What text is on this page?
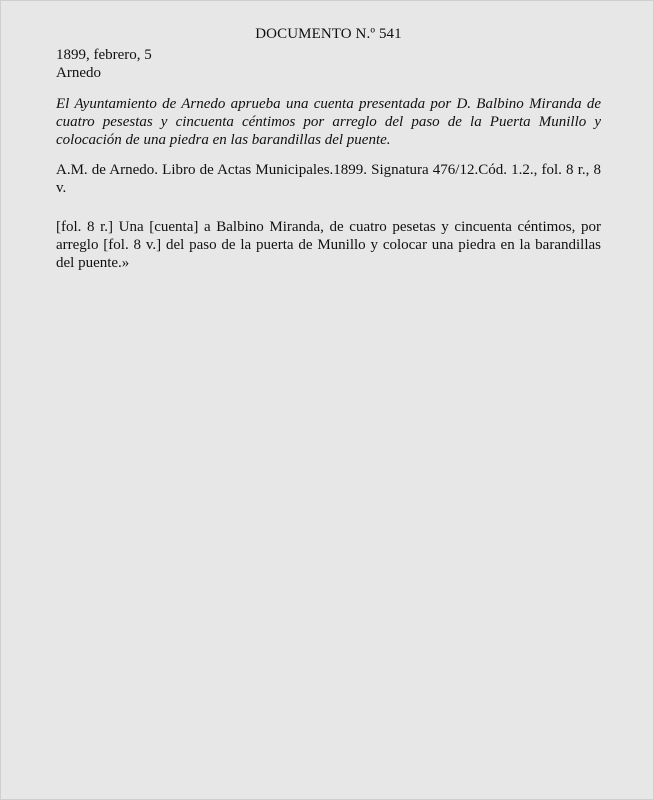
DOCUMENTO N.º 541

1899, febrero, 5

Arnedo

El Ayuntamiento de Arnedo aprueba una cuenta presentada por D. Balbino Miranda de cuatro pesestas y cincuenta céntimos por arreglo del paso de la Puerta Munillo y colocación de una piedra en las barandillas del puente.

A.M. de Arnedo. Libro de Actas Municipales.1899. Signatura 476/12.Cód. 1.2., fol. 8 r., 8 v.

[fol. 8 r.] Una [cuenta] a Balbino Miranda, de cuatro pesetas y cincuenta céntimos, por arreglo [fol. 8 v.] del paso de la puerta de Munillo y colocar una piedra en la barandillas del puente.»
